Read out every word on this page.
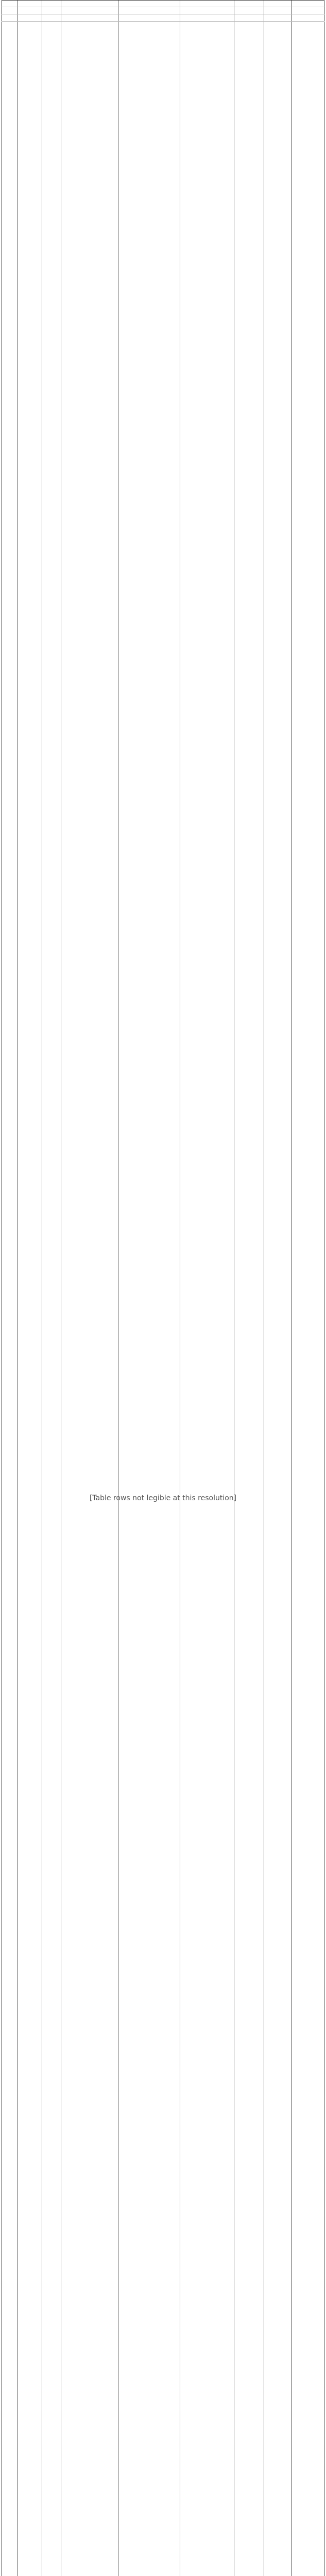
[Table rows not legible at this resolution]
